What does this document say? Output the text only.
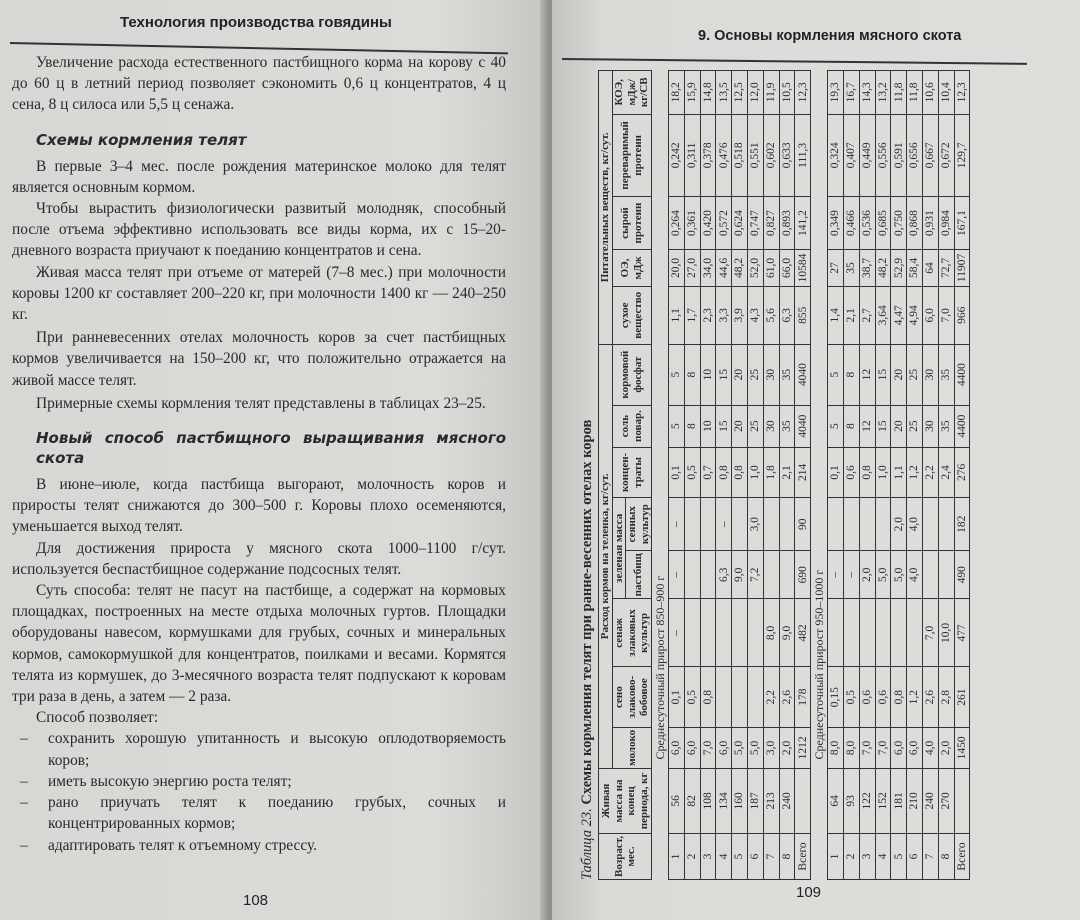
Технология производства говядины

Увеличение расхода естественного пастбищного корма на корову с 40 до 60 ц в летний период позволяет сэкономить 0,6 ц концентратов, 4 ц сена, 8 ц силоса или 5,5 ц сенажа.

Схемы кормления телят

В первые 3–4 мес. после рождения материнское молоко для телят является основным кормом.

Чтобы вырастить физиологически развитый молодняк, способный после отъема эффективно использовать все виды корма, их с 15–20-дневного возраста приучают к поеданию концентратов и сена.

Живая масса телят при отъеме от матерей (7–8 мес.) при молочности коровы 1200 кг составляет 200–220 кг, при молочности 1400 кг — 240–250 кг.

При ранневесенних отелах молочность коров за счет пастбищных кормов увеличивается на 150–200 кг, что положительно отражается на живой массе телят.

Примерные схемы кормления телят представлены в таблицах 23–25.

Новый способ пастбищного выращивания мясного скота

В июне–июле, когда пастбища выгорают, молочность коров и приросты телят снижаются до 300–500 г. Коровы плохо осеменяются, уменьшается выход телят.

Для достижения прироста у мясного скота 1000–1100 г/сут. используется беспастбищное содержание подсосных телят.

Суть способа: телят не пасут на пастбище, а содержат на кормовых площадках, построенных на месте отдыха молочных гуртов. Площадки оборудованы навесом, кормушками для грубых, сочных и минеральных кормов, самокормушкой для концентратов, поилками и весами. Кормятся телята из кормушек, до 3-месячного возраста телят подпускают к коровам три раза в день, а затем — 2 раза.

Способ позволяет:

– сохранить хорошую упитанность и высокую оплодотворяемость коров;
– иметь высокую энергию роста телят;
– рано приучать телят к поеданию грубых, сочных и концентрированных кормов;
– адаптировать телят к отъемному стрессу.
108
9. Основы кормления мясного скота
Таблица 23. Схемы кормления телят при ранне-весенних отелах коров
Возраст, мес.	Живая масса на конец периода, кг	Расход кормов на теленка, кг/сут.								Питательных веществ, кг/сут.				
		молоко	сено злаково-бобовое	сенаж злаковых культур	зеленая масса		концен-траты	соль повар.	кормовой фосфат	сухое вещество	ОЭ, мДж	сырой протеин	переваримый протеин	КОЭ, мДж/кг/СВ
					пастбищ	сеяных культур								
Среднесуточный прирост 850–900 г														
1	56	6,0	0,1	–	–	–	0,1	5	5	1,1	20,0	0,264	0,242	18,2
2	82	6,0	0,5				0,5	8	8	1,7	27,0	0,361	0,311	15,9
3	108	7,0	0,8				0,7	10	10	2,3	34,0	0,420	0,378	14,8
4	134	6,0			6,3	–	0,8	15	15	3,3	44,6	0,572	0,476	13,5
5	160	5,0			9,0		0,8	20	20	3,9	48,2	0,624	0,518	12,5
6	187	5,0			7,2	3,0	1,0	25	25	4,3	52,0	0,747	0,551	12,0
7	213	3,0	2,2	8,0			1,8	30	30	5,6	61,0	0,827	0,602	11,9
8	240	2,0	2,6	9,0			2,1	35	35	6,3	66,0	0,893	0,633	10,5
Всего		1212	178	482	690	90	214	4040	4040	855	10584	141,2	111,3	12,3
Среднесуточный прирост 950–1000 г														
1	64	8,0	0,15		–		0,1	5	5	1,4	27	0,349	0,324	19,3
2	93	8,0	0,5		–		0,6	8	8	2,1	35	0,466	0,407	16,7
3	122	7,0	0,6		2,0		0,8	12	12	2,7	38,7	0,536	0,449	14,3
4	152	7,0	0,6		5,0		1,0	15	15	3,64	48,2	0,685	0,556	13,2
5	181	6,0	0,8		5,0	2,0	1,1	20	20	4,47	52,9	0,750	0,591	11,8
6	210	6,0	1,2		4,0	4,0	1,2	25	25	4,94	58,4	0,868	0,656	11,8
7	240	4,0	2,6	7,0			2,2	30	30	6,0	64	0,931	0,667	10,6
8	270	2,0	2,8	10,0			2,4	35	35	7,0	72,7	0,984	0,672	10,4
Всего		1450	261	477	490	182	276	4400	4400	966	11907	167,1	129,7	12,3
109
